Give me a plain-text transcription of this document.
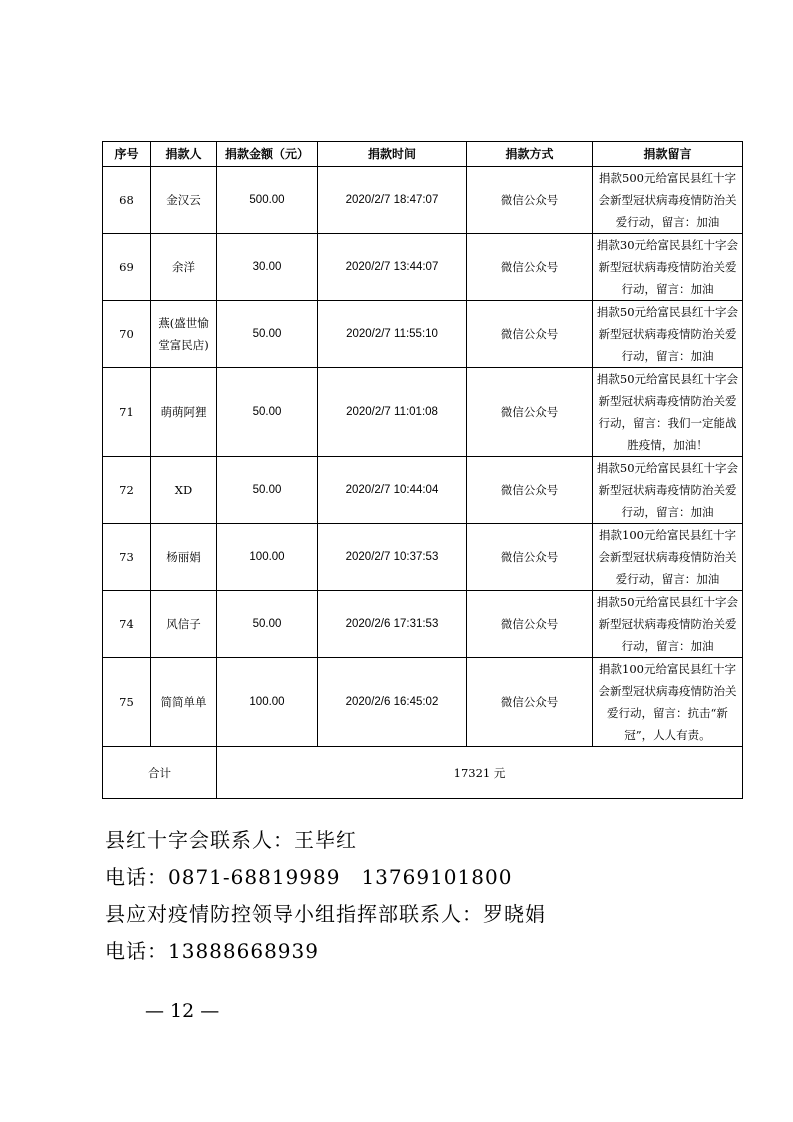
序号	捐款人	捐款金额（元）	捐款时间	捐款方式	捐款留言
68	金汉云	500.00	2020/2/7 18:47:07	微信公众号	捐款500元给富民县红十字会新型冠状病毒疫情防治关爱行动，留言：加油
69	余洋	30.00	2020/2/7 13:44:07	微信公众号	捐款30元给富民县红十字会新型冠状病毒疫情防治关爱行动，留言：加油
70	燕(盛世愉堂富民店)	50.00	2020/2/7 11:55:10	微信公众号	捐款50元给富民县红十字会新型冠状病毒疫情防治关爱行动，留言：加油
71	萌萌阿狸	50.00	2020/2/7 11:01:08	微信公众号	捐款50元给富民县红十字会新型冠状病毒疫情防治关爱行动，留言：我们一定能战胜疫情，加油！
72	XD	50.00	2020/2/7 10:44:04	微信公众号	捐款50元给富民县红十字会新型冠状病毒疫情防治关爱行动，留言：加油
73	杨丽娟	100.00	2020/2/7 10:37:53	微信公众号	捐款100元给富民县红十字会新型冠状病毒疫情防治关爱行动，留言：加油
74	风信子	50.00	2020/2/6 17:31:53	微信公众号	捐款50元给富民县红十字会新型冠状病毒疫情防治关爱行动，留言：加油
75	简简单单	100.00	2020/2/6 16:45:02	微信公众号	捐款100元给富民县红十字会新型冠状病毒疫情防治关爱行动，留言：抗击“新冠”，人人有责。
合计		17321 元			
县红十字会联系人：王毕红
电话：0871-68819989　13769101800
县应对疫情防控领导小组指挥部联系人：罗晓娟
电话：13888668939
— 12 —
